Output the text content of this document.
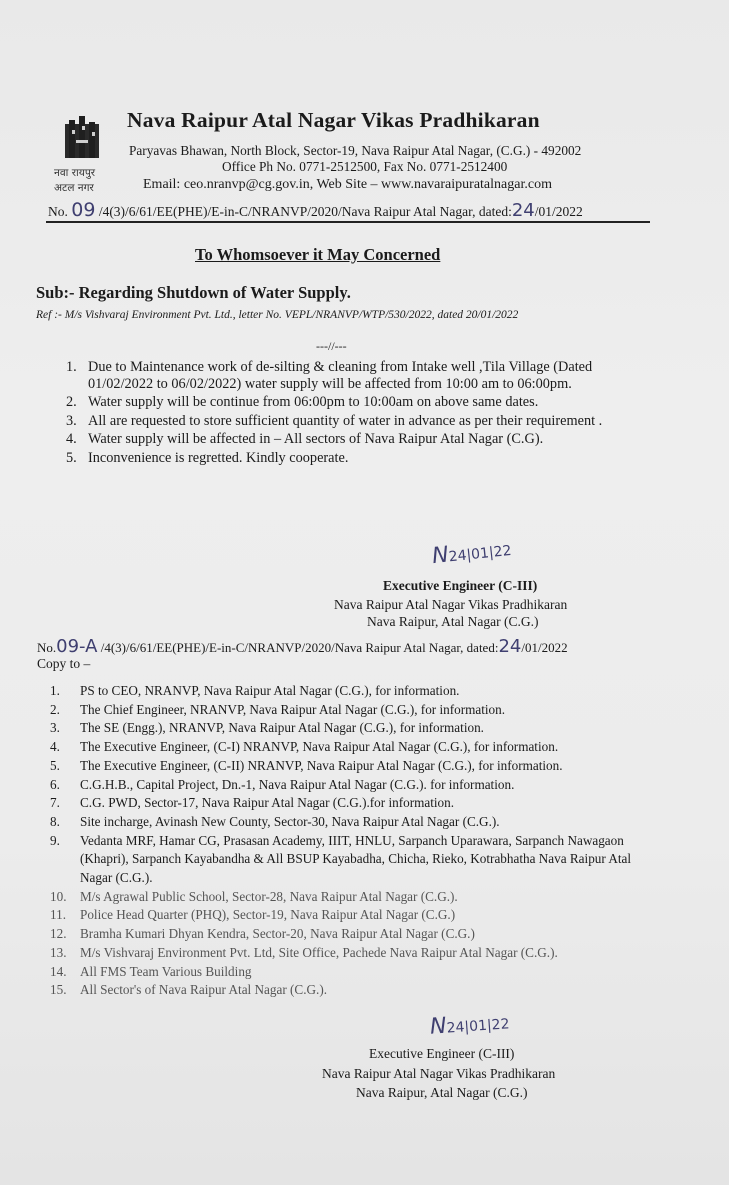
नवा रायपुर
अटल नगर
Nava Raipur Atal Nagar Vikas Pradhikaran
Paryavas Bhawan, North Block, Sector-19, Nava Raipur Atal Nagar, (C.G.) - 492002
Office Ph No. 0771-2512500, Fax No. 0771-2512400
Email: ceo.nranvp@cg.gov.in, Web Site – www.navaraipuratalnagar.com
No. 09 /4(3)/6/61/EE(PHE)/E-in-C/NRANVP/2020/Nava Raipur Atal Nagar, dated:24/01/2022
To Whomsoever it May Concerned
Sub:- Regarding Shutdown of Water Supply.
Ref :- M/s Vishvaraj Environment Pvt. Ltd., letter No. VEPL/NRANVP/WTP/530/2022, dated 20/01/2022
---//---
1. Due to Maintenance work of de-silting & cleaning from Intake well ,Tila Village (Dated 01/02/2022 to 06/02/2022) water supply will be affected from 10:00 am to 06:00pm.
2. Water supply will be continue from 06:00pm to 10:00am on above same dates.
3. All are requested to store sufficient quantity of water in advance as per their requirement .
4. Water supply will be affected in – All sectors of Nava Raipur Atal Nagar (C.G).
5. Inconvenience is regretted. Kindly cooperate.
N24|01|22
Executive Engineer (C-III)
Nava Raipur Atal Nagar Vikas Pradhikaran
Nava Raipur, Atal Nagar (C.G.)
No.09-A /4(3)/6/61/EE(PHE)/E-in-C/NRANVP/2020/Nava Raipur Atal Nagar, dated:24/01/2022
Copy to –
1. PS to CEO, NRANVP, Nava Raipur Atal Nagar (C.G.), for information.
2. The Chief Engineer, NRANVP, Nava Raipur Atal Nagar (C.G.), for information.
3. The SE (Engg.), NRANVP, Nava Raipur Atal Nagar (C.G.), for information.
4. The Executive Engineer, (C-I) NRANVP, Nava Raipur Atal Nagar (C.G.), for information.
5. The Executive Engineer, (C-II) NRANVP, Nava Raipur Atal Nagar (C.G.), for information.
6. C.G.H.B., Capital Project, Dn.-1, Nava Raipur Atal Nagar (C.G.). for information.
7. C.G. PWD, Sector-17, Nava Raipur Atal Nagar (C.G.).for information.
8. Site incharge, Avinash New County, Sector-30, Nava Raipur Atal Nagar (C.G.).
9. Vedanta MRF, Hamar CG, Prasasan Academy, IIIT, HNLU, Sarpanch Uparawara, Sarpanch Nawagaon (Khapri), Sarpanch Kayabandha & All BSUP Kayabadha, Chicha, Rieko, Kotrabhatha Nava Raipur Atal Nagar (C.G.).
10. M/s Agrawal Public School, Sector-28, Nava Raipur Atal Nagar (C.G.).
11. Police Head Quarter (PHQ), Sector-19, Nava Raipur Atal Nagar (C.G.)
12. Bramha Kumari Dhyan Kendra, Sector-20, Nava Raipur Atal Nagar (C.G.)
13. M/s Vishvaraj Environment Pvt. Ltd, Site Office, Pachede Nava Raipur Atal Nagar (C.G.).
14. All FMS Team Various Building
15. All Sector's of Nava Raipur Atal Nagar (C.G.).
N24|01|22
Executive Engineer (C-III)
Nava Raipur Atal Nagar Vikas Pradhikaran
Nava Raipur, Atal Nagar (C.G.)
